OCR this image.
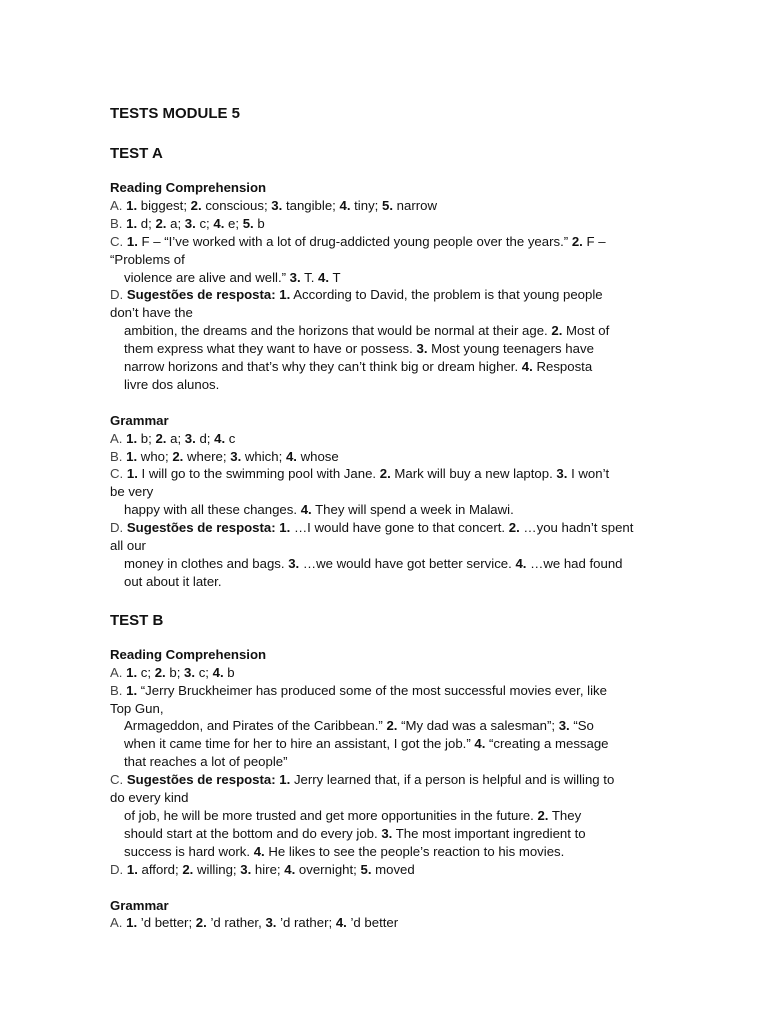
TESTS MODULE 5
TEST A
Reading Comprehension
A. 1. biggest; 2. conscious; 3. tangible; 4. tiny; 5. narrow
B. 1. d; 2. a; 3. c; 4. e; 5. b
C. 1. F – “I’ve worked with a lot of drug-addicted young people over the years.” 2. F –
“Problems of
violence are alive and well.” 3. T. 4. T
D. Sugestões de resposta: 1. According to David, the problem is that young people
don’t have the
ambition, the dreams and the horizons that would be normal at their age. 2. Most of
them express what they want to have or possess. 3. Most young teenagers have
narrow horizons and that’s why they can’t think big or dream higher. 4. Resposta
livre dos alunos.
Grammar
A. 1. b; 2. a; 3. d; 4. c
B. 1. who; 2. where; 3. which; 4. whose
C. 1. I will go to the swimming pool with Jane. 2. Mark will buy a new laptop. 3. I won’t
be very
happy with all these changes. 4. They will spend a week in Malawi.
D. Sugestões de resposta: 1. …I would have gone to that concert. 2. …you hadn’t spent
all our
money in clothes and bags. 3. …we would have got better service. 4. …we had found
out about it later.
TEST B
Reading Comprehension
A. 1. c; 2. b; 3. c; 4. b
B. 1. “Jerry Bruckheimer has produced some of the most successful movies ever, like
Top Gun,
Armageddon, and Pirates of the Caribbean.” 2. “My dad was a salesman”; 3. “So
when it came time for her to hire an assistant, I got the job.” 4. “creating a message
that reaches a lot of people”
C. Sugestões de resposta: 1. Jerry learned that, if a person is helpful and is willing to
do every kind
of job, he will be more trusted and get more opportunities in the future. 2. They
should start at the bottom and do every job. 3. The most important ingredient to
success is hard work. 4. He likes to see the people’s reaction to his movies.
D. 1. afford; 2. willing; 3. hire; 4. overnight; 5. moved
Grammar
A. 1. ’d better; 2. ’d rather, 3. ’d rather; 4. ’d better
